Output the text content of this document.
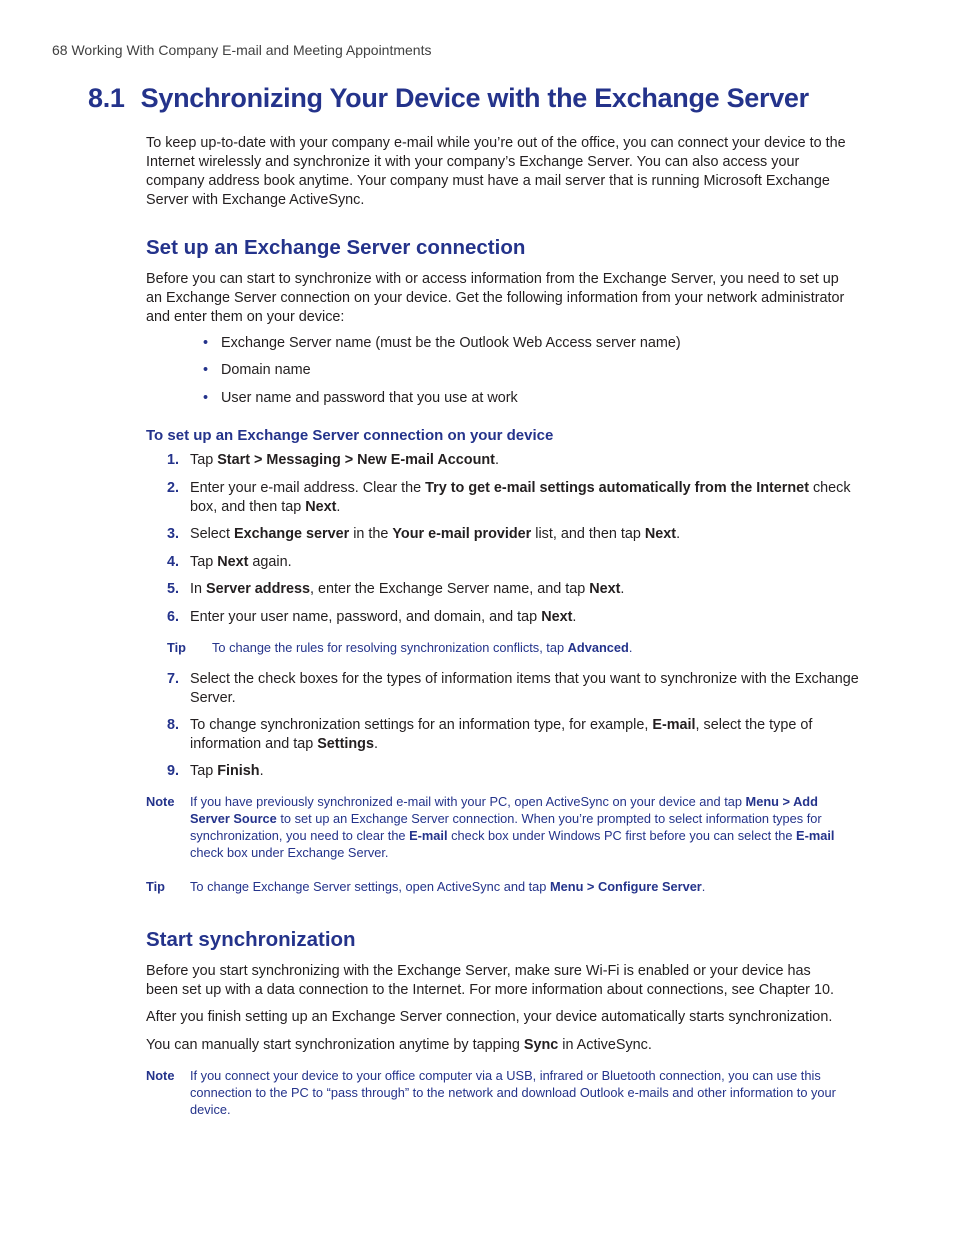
68 Working With Company E-mail and Meeting Appointments
8.1 Synchronizing Your Device with the Exchange Server

To keep up-to-date with your company e-mail while you’re out of the office, you can connect your device to the Internet wirelessly and synchronize it with your company’s Exchange Server. You can also access your company address book anytime. Your company must have a mail server that is running Microsoft Exchange Server with Exchange ActiveSync.

Set up an Exchange Server connection

Before you can start to synchronize with or access information from the Exchange Server, you need to set up an Exchange Server connection on your device. Get the following information from your network administrator and enter them on your device:

• Exchange Server name (must be the Outlook Web Access server name)
• Domain name
• User name and password that you use at work
To set up an Exchange Server connection on your device
1. Tap Start > Messaging > New E-mail Account.
2. Enter your e-mail address. Clear the Try to get e-mail settings automatically from the Internet check box, and then tap Next.
3. Select Exchange server in the Your e-mail provider list, and then tap Next.
4. Tap Next again.
5. In Server address, enter the Exchange Server name, and tap Next.
6. Enter your user name, password, and domain, and tap Next.
Tip To change the rules for resolving synchronization conflicts, tap Advanced.
7. Select the check boxes for the types of information items that you want to synchronize with the Exchange Server.
8. To change synchronization settings for an information type, for example, E-mail, select the type of information and tap Settings.
9. Tap Finish.
Note If you have previously synchronized e-mail with your PC, open ActiveSync on your device and tap Menu > Add Server Source to set up an Exchange Server connection. When you’re prompted to select information types for synchronization, you need to clear the E-mail check box under Windows PC first before you can select the E-mail check box under Exchange Server.
Tip To change Exchange Server settings, open ActiveSync and tap Menu > Configure Server.
Start synchronization

Before you start synchronizing with the Exchange Server, make sure Wi-Fi is enabled or your device has been set up with a data connection to the Internet. For more information about connections, see Chapter 10.

After you finish setting up an Exchange Server connection, your device automatically starts synchronization.

You can manually start synchronization anytime by tapping Sync in ActiveSync.

Note If you connect your device to your office computer via a USB, infrared or Bluetooth connection, you can use this connection to the PC to “pass through” to the network and download Outlook e-mails and other information to your device.
